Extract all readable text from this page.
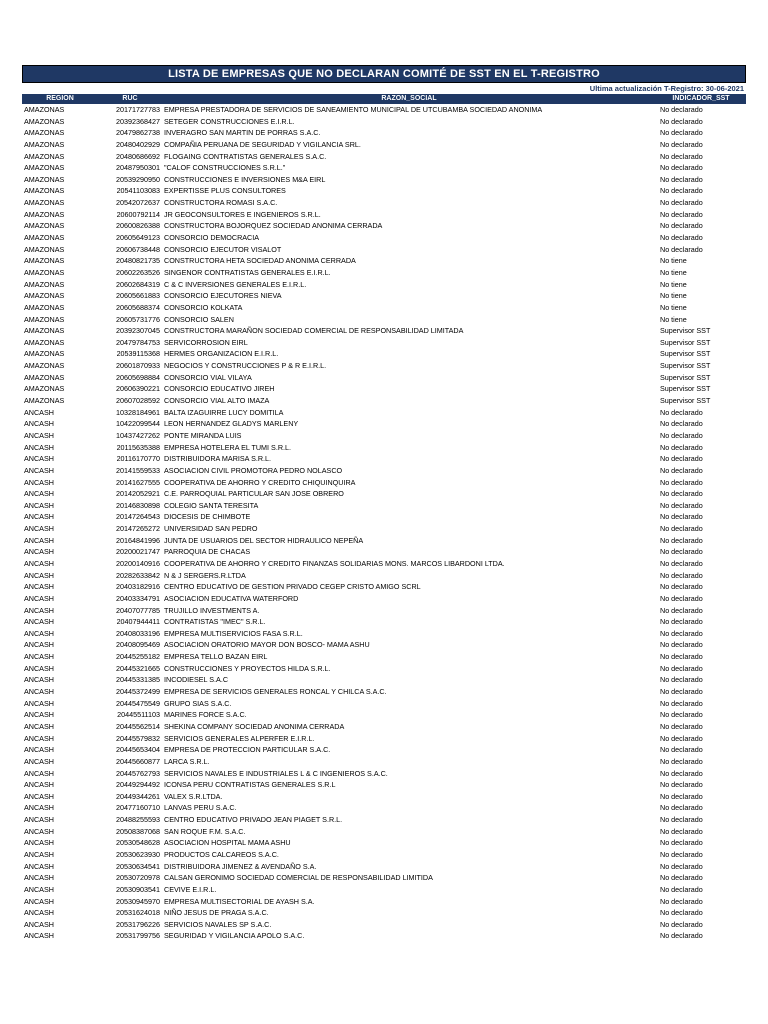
LISTA DE EMPRESAS QUE NO DECLARAN COMITÉ DE SST EN EL T-REGISTRO
Ultima actualización T-Registro: 30-06-2021
REGION	RUC	RAZON_SOCIAL	INDICADOR_SST
AMAZONAS	20171727783 EMPRESA PRESTADORA DE SERVICIOS DE SANEAMIENTO MUNICIPAL DE UTCUBAMBA SOCIEDAD ANONIMA	No declarado
AMAZONAS	20392368427 SETEGER CONSTRUCCIONES E.I.R.L.	No declarado
AMAZONAS	20479862738 INVERAGRO SAN MARTIN DE PORRAS S.A.C.	No declarado
AMAZONAS	20480402929 COMPAÑIA PERUANA DE SEGURIDAD Y VIGILANCIA SRL.	No declarado
AMAZONAS	20480686692 FLOGAING CONTRATISTAS GENERALES S.A.C.	No declarado
AMAZONAS	20487950301 "CALOF CONSTRUCCIONES S.R.L."	No declarado
AMAZONAS	20539290950 CONSTRUCCIONES E INVERSIONES M&A EIRL	No declarado
AMAZONAS	20541103083 EXPERTISSE PLUS CONSULTORES	No declarado
AMAZONAS	20542072637 CONSTRUCTORA ROMASI S.A.C.	No declarado
AMAZONAS	20600792114 JR GEOCONSULTORES E INGENIEROS S.R.L.	No declarado
AMAZONAS	20600826388 CONSTRUCTORA BOJORQUEZ SOCIEDAD ANONIMA CERRADA	No declarado
AMAZONAS	20605649123 CONSORCIO DEMOCRACIA	No declarado
AMAZONAS	20606738448 CONSORCIO EJECUTOR VISALOT	No declarado
AMAZONAS	20480821735 CONSTRUCTORA HETA SOCIEDAD ANONIMA CERRADA	No tiene
AMAZONAS	20602263526 SINGENOR CONTRATISTAS GENERALES E.I.R.L.	No tiene
AMAZONAS	20602684319 C & C INVERSIONES GENERALES E.I.R.L.	No tiene
AMAZONAS	20605661883 CONSORCIO EJECUTORES NIEVA	No tiene
AMAZONAS	20605688374 CONSORCIO KOLKATA	No tiene
AMAZONAS	20605731776 CONSORCIO SALEN	No tiene
AMAZONAS	20392307045 CONSTRUCTORA MARAÑON SOCIEDAD COMERCIAL DE RESPONSABILIDAD LIMITADA	Supervisor SST
AMAZONAS	20479784753 SERVICORROSION EIRL	Supervisor SST
AMAZONAS	20539115368 HERMES ORGANIZACION E.I.R.L.	Supervisor SST
AMAZONAS	20601870933 NEGOCIOS Y CONSTRUCCIONES P & R E.I.R.L.	Supervisor SST
AMAZONAS	20605698884 CONSORCIO VIAL VILAYA	Supervisor SST
AMAZONAS	20606390221 CONSORCIO EDUCATIVO JIREH	Supervisor SST
AMAZONAS	20607028592 CONSORCIO VIAL ALTO IMAZA	Supervisor SST
ANCASH	10328184961 BALTA IZAGUIRRE LUCY DOMITILA	No declarado
ANCASH	10422099544 LEON HERNANDEZ GLADYS MARLENY	No declarado
ANCASH	10437427262 PONTE MIRANDA LUIS	No declarado
ANCASH	20115635388 EMPRESA HOTELERA EL TUMI S.R.L.	No declarado
ANCASH	20116170770 DISTRIBUIDORA MARISA S.R.L.	No declarado
ANCASH	20141559533 ASOCIACION CIVIL PROMOTORA PEDRO NOLASCO	No declarado
ANCASH	20141627555 COOPERATIVA DE AHORRO Y CREDITO CHIQUINQUIRA	No declarado
ANCASH	20142052921 C.E. PARROQUIAL PARTICULAR SAN JOSE OBRERO	No declarado
ANCASH	20146830898 COLEGIO SANTA TERESITA	No declarado
ANCASH	20147264543 DIOCESIS DE CHIMBOTE	No declarado
ANCASH	20147265272 UNIVERSIDAD SAN PEDRO	No declarado
ANCASH	20164841996 JUNTA DE USUARIOS DEL SECTOR HIDRAULICO NEPEÑA	No declarado
ANCASH	20200021747 PARROQUIA DE CHACAS	No declarado
ANCASH	20200140916 COOPERATIVA DE AHORRO Y CREDITO FINANZAS SOLIDARIAS MONS. MARCOS LIBARDONI LTDA.	No declarado
ANCASH	20282633842 N & J SERGERS.R.LTDA	No declarado
ANCASH	20403182916 CENTRO EDUCATIVO DE GESTION PRIVADO CEGEP CRISTO AMIGO SCRL	No declarado
ANCASH	20403334791 ASOCIACION EDUCATIVA WATERFORD	No declarado
ANCASH	20407077785 TRUJILLO INVESTMENTS A.	No declarado
ANCASH	20407944411 CONTRATISTAS "IMEC" S.R.L.	No declarado
ANCASH	20408033196 EMPRESA MULTISERVICIOS FASA S.R.L.	No declarado
ANCASH	20408095469 ASOCIACION ORATORIO MAYOR DON BOSCO- MAMA ASHU	No declarado
ANCASH	20445255182 EMPRESA TELLO BAZAN EIRL	No declarado
ANCASH	20445321665 CONSTRUCCIONES Y PROYECTOS HILDA S.R.L.	No declarado
ANCASH	20445331385 INCODIESEL S.A.C	No declarado
ANCASH	20445372499 EMPRESA DE SERVICIOS GENERALES RONCAL Y CHILCA S.A.C.	No declarado
ANCASH	20445475549 GRUPO SIAS S.A.C.	No declarado
ANCASH	20445511103 MARINES FORCE S.A.C.	No declarado
ANCASH	20445562514 SHEKINA COMPANY SOCIEDAD ANONIMA CERRADA	No declarado
ANCASH	20445579832 SERVICIOS GENERALES ALPERFER E.I.R.L.	No declarado
ANCASH	20445653404 EMPRESA DE PROTECCION PARTICULAR S.A.C.	No declarado
ANCASH	20445660877 LARCA S.R.L.	No declarado
ANCASH	20445762793 SERVICIOS NAVALES E INDUSTRIALES L & C INGENIEROS S.A.C.	No declarado
ANCASH	20449294492 ICONSA PERU CONTRATISTAS GENERALES S.R.L	No declarado
ANCASH	20449344261 VALEX S.R.LTDA.	No declarado
ANCASH	20477160710 LANVAS PERU S.A.C.	No declarado
ANCASH	20488255593 CENTRO EDUCATIVO PRIVADO JEAN PIAGET S.R.L.	No declarado
ANCASH	20508387068 SAN ROQUE F.M. S.A.C.	No declarado
ANCASH	20530548628 ASOCIACION HOSPITAL MAMA ASHU	No declarado
ANCASH	20530623930 PRODUCTOS CALCAREOS S.A.C.	No declarado
ANCASH	20530634541 DISTRIBUIDORA JIMENEZ & AVENDAÑO S.A.	No declarado
ANCASH	20530720978 CALSAN GERONIMO SOCIEDAD COMERCIAL DE RESPONSABILIDAD LIMITIDA	No declarado
ANCASH	20530903541 CEVIVE E.I.R.L.	No declarado
ANCASH	20530945970 EMPRESA MULTISECTORIAL DE AYASH S.A.	No declarado
ANCASH	20531624018 NIÑO JESUS DE PRAGA S.A.C.	No declarado
ANCASH	20531796226 SERVICIOS NAVALES SP S.A.C.	No declarado
ANCASH	20531799756 SEGURIDAD Y VIGILANCIA APOLO S.A.C.	No declarado
